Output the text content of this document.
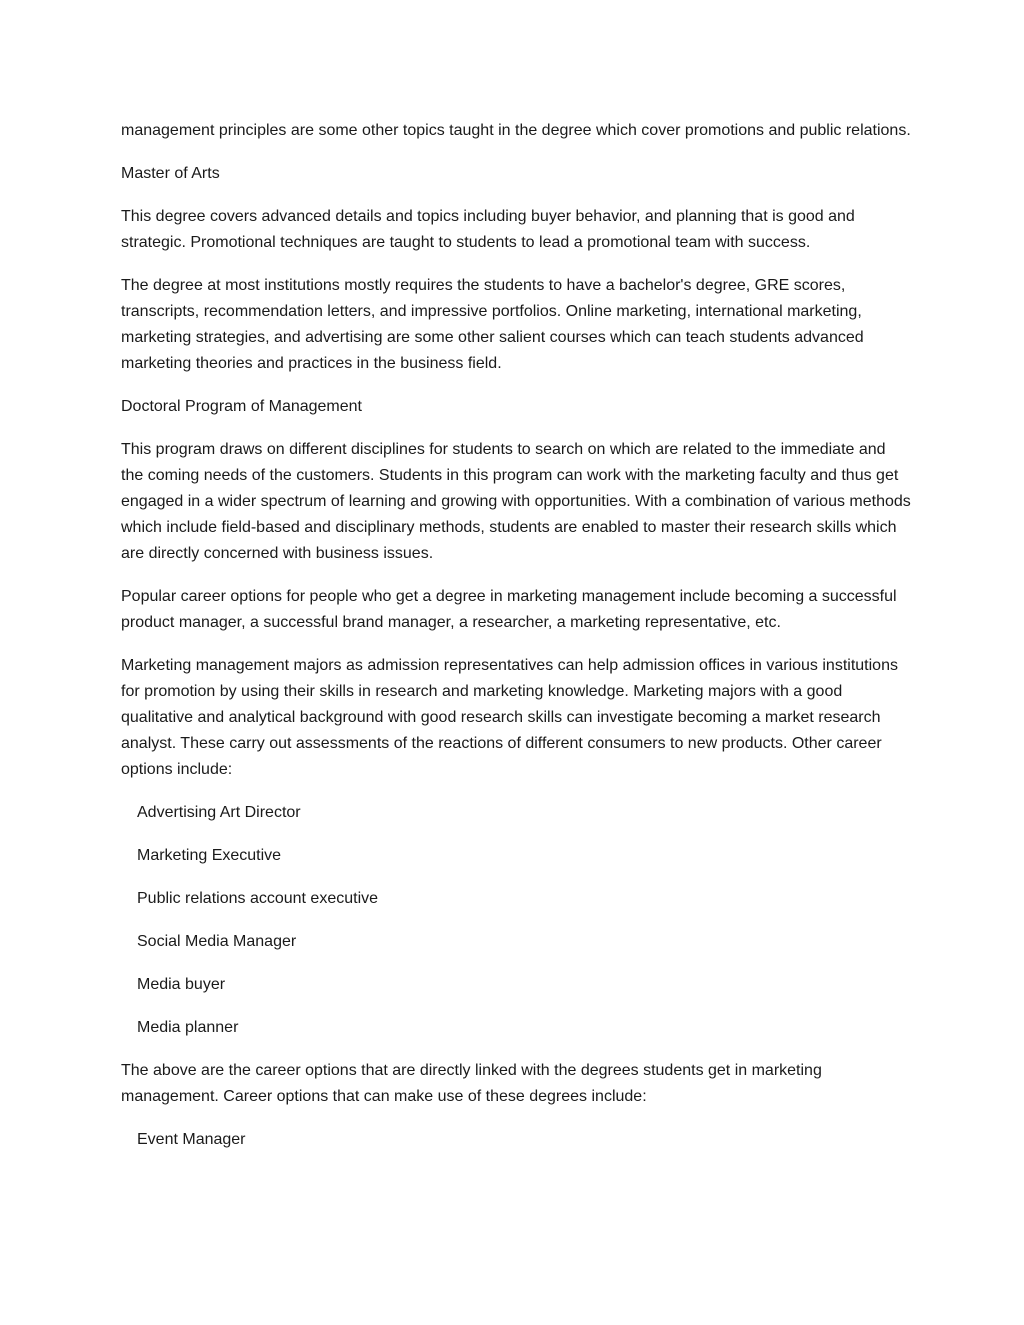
management principles are some other topics taught in the degree which cover promotions and public relations.

Master of Arts

This degree covers advanced details and topics including buyer behavior, and planning that is good and strategic. Promotional techniques are taught to students to lead a promotional team with success.

The degree at most institutions mostly requires the students to have a bachelor's degree, GRE scores, transcripts, recommendation letters, and impressive portfolios. Online marketing, international marketing, marketing strategies, and advertising are some other salient courses which can teach students advanced marketing theories and practices in the business field.

Doctoral Program of Management

This program draws on different disciplines for students to search on which are related to the immediate and the coming needs of the customers. Students in this program can work with the marketing faculty and thus get engaged in a wider spectrum of learning and growing with opportunities. With a combination of various methods which include field-based and disciplinary methods, students are enabled to master their research skills which are directly concerned with business issues.

Popular career options for people who get a degree in marketing management include becoming a successful product manager, a successful brand manager, a researcher, a marketing representative, etc.

Marketing management majors as admission representatives can help admission offices in various institutions for promotion by using their skills in research and marketing knowledge. Marketing majors with a good qualitative and analytical background with good research skills can investigate becoming a market research analyst. These carry out assessments of the reactions of different consumers to new products. Other career options include:

Advertising Art Director
Marketing Executive
Public relations account executive
Social Media Manager
Media buyer
Media planner

The above are the career options that are directly linked with the degrees students get in marketing management. Career options that can make use of these degrees include:

Event Manager
